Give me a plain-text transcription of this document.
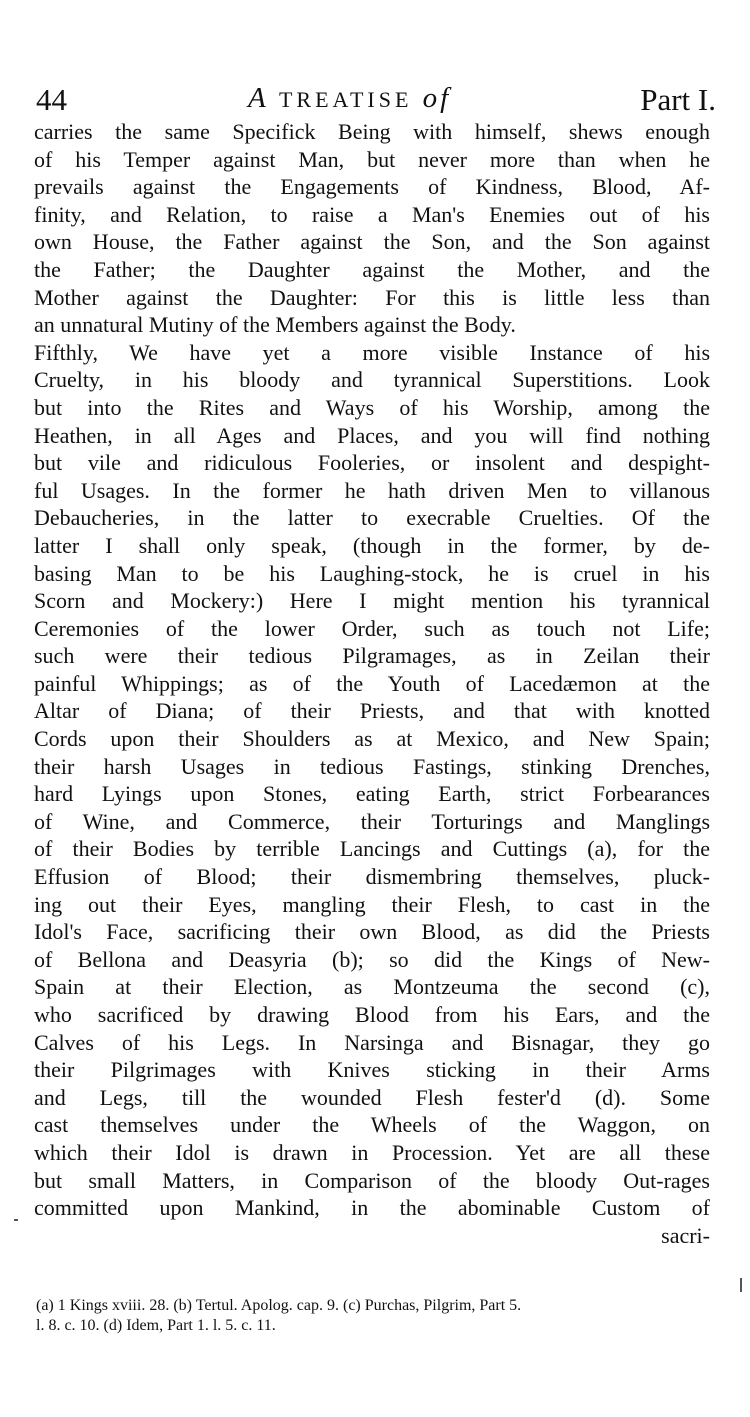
44	A TREATISE of	Part I.
carries the same Specifick Being with himself, shews enough
of his Temper against Man, but never more than when he
prevails against the Engagements of Kindness, Blood, Af-
finity, and Relation, to raise a Man's Enemies out of his
own House, the Father against the Son, and the Son against
the Father; the Daughter against the Mother, and the
Mother against the Daughter: For this is little less than
an unnatural Mutiny of the Members against the Body.
Fifthly, We have yet a more visible Instance of his
Cruelty, in his bloody and tyrannical Superstitions. Look
but into the Rites and Ways of his Worship, among the
Heathen, in all Ages and Places, and you will find nothing
but vile and ridiculous Fooleries, or insolent and despight-
ful Usages. In the former he hath driven Men to villanous
Debaucheries, in the latter to execrable Cruelties. Of the
latter I shall only speak, (though in the former, by de-
basing Man to be his Laughing-stock, he is cruel in his
Scorn and Mockery:) Here I might mention his tyrannical
Ceremonies of the lower Order, such as touch not Life;
such were their tedious Pilgramages, as in Zeilan their
painful Whippings; as of the Youth of Lacedæmon at the
Altar of Diana; of their Priests, and that with knotted
Cords upon their Shoulders as at Mexico, and New Spain;
their harsh Usages in tedious Fastings, stinking Drenches,
hard Lyings upon Stones, eating Earth, strict Forbearances
of Wine, and Commerce, their Torturings and Manglings
of their Bodies by terrible Lancings and Cuttings (a), for the
Effusion of Blood; their dismembring themselves, pluck-
ing out their Eyes, mangling their Flesh, to cast in the
Idol's Face, sacrificing their own Blood, as did the Priests
of Bellona and Deasyria (b); so did the Kings of New-
Spain at their Election, as Montzeuma the second (c),
who sacrificed by drawing Blood from his Ears, and the
Calves of his Legs. In Narsinga and Bisnagar, they go
their Pilgrimages with Knives sticking in their Arms
and Legs, till the wounded Flesh fester'd (d). Some
cast themselves under the Wheels of the Waggon, on
which their Idol is drawn in Procession. Yet are all these
but small Matters, in Comparison of the bloody Out-rages
committed upon Mankind, in the abominable Custom of
sacri-
(a) 1 Kings xviii. 28. (b) Tertul. Apolog. cap. 9. (c) Purchas, Pilgrim, Part 5.
l. 8. c. 10. (d) Idem, Part 1. l. 5. c. 11.
